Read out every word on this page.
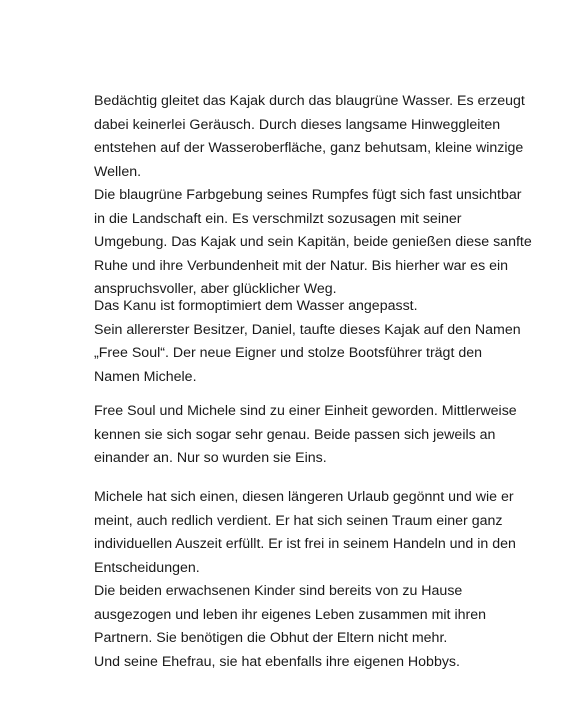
Bedächtig gleitet das Kajak durch das blaugrüne Wasser. Es erzeugt
dabei keinerlei Geräusch. Durch dieses langsame Hinweggleiten
entstehen auf der Wasseroberfläche, ganz behutsam, kleine winzige
Wellen.
Die blaugrüne Farbgebung seines Rumpfes fügt sich fast unsichtbar
in die Landschaft ein. Es verschmilzt sozusagen mit seiner
Umgebung. Das Kajak und sein Kapitän, beide genießen diese sanfte
Ruhe und ihre Verbundenheit mit der Natur. Bis hierher war es ein
anspruchsvoller, aber glücklicher Weg.
Das Kanu ist formoptimiert dem Wasser angepasst.
Sein allererster Besitzer, Daniel, taufte dieses Kajak auf den Namen
„Free Soul“. Der neue Eigner und stolze Bootsführer trägt den
Namen Michele.
Free Soul und Michele sind zu einer Einheit geworden. Mittlerweise
kennen sie sich sogar sehr genau. Beide passen sich jeweils an
einander an. Nur so wurden sie Eins.
Michele hat sich einen, diesen längeren Urlaub gegönnt und wie er
meint, auch redlich verdient. Er hat sich seinen Traum einer ganz
individuellen Auszeit erfüllt. Er ist frei in seinem Handeln und in den
Entscheidungen.
Die beiden erwachsenen Kinder sind bereits von zu Hause
ausgezogen und leben ihr eigenes Leben zusammen mit ihren
Partnern. Sie benötigen die Obhut der Eltern nicht mehr.
Und seine Ehefrau, sie hat ebenfalls ihre eigenen Hobbys.
